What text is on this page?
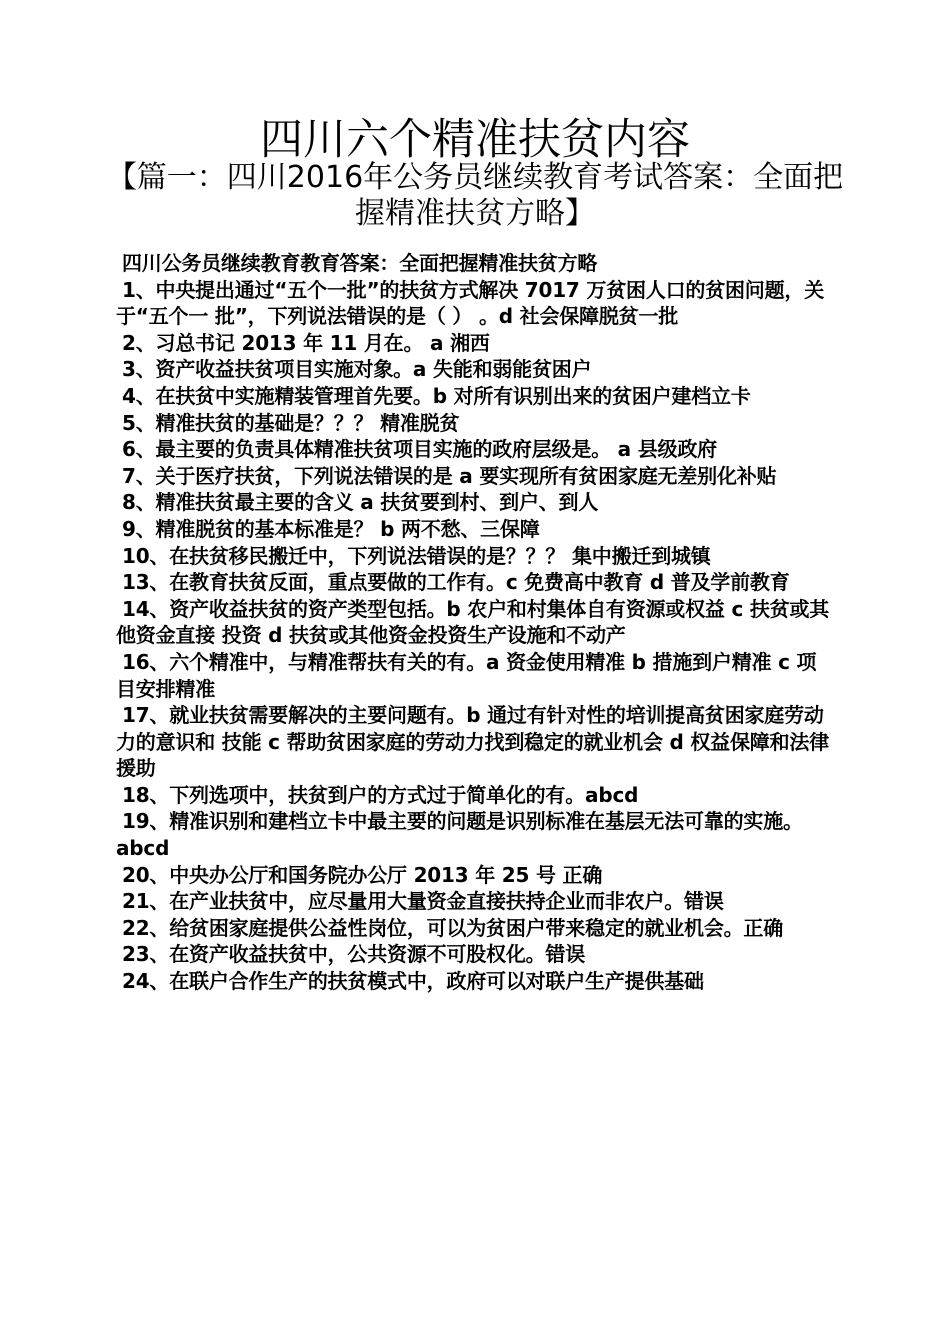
四川六个精准扶贫内容
【篇一：四川2016年公务员继续教育考试答案：全面把握精准扶贫方略】

四川公务员继续教育教育答案：全面把握精准扶贫方略

1、中央提出通过“五个一批”的扶贫方式解决 7017 万贫困人口的贫困问题，关于“五个一 批”，下列说法错误的是（ ） 。d 社会保障脱贫一批

2、习总书记 2013 年 11 月在。 a 湘西

3、资产收益扶贫项目实施对象。a 失能和弱能贫困户

4、在扶贫中实施精装管理首先要。b 对所有识别出来的贫困户建档立卡

5、精准扶贫的基础是？？？ 精准脱贫

6、最主要的负责具体精准扶贫项目实施的政府层级是。 a 县级政府

7、关于医疗扶贫，下列说法错误的是 a 要实现所有贫困家庭无差别化补贴

8、精准扶贫最主要的含义 a 扶贫要到村、到户、到人

9、精准脱贫的基本标准是？ b 两不愁、三保障

10、在扶贫移民搬迁中，下列说法错误的是？？？ 集中搬迁到城镇

13、在教育扶贫反面，重点要做的工作有。c 免费高中教育 d 普及学前教育

14、资产收益扶贫的资产类型包括。b 农户和村集体自有资源或权益 c 扶贫或其他资金直接 投资 d 扶贫或其他资金投资生产设施和不动产

16、六个精准中，与精准帮扶有关的有。a 资金使用精准 b 措施到户精准 c 项目安排精准

17、就业扶贫需要解决的主要问题有。b 通过有针对性的培训提高贫困家庭劳动力的意识和 技能 c 帮助贫困家庭的劳动力找到稳定的就业机会 d 权益保障和法律援助

18、下列选项中，扶贫到户的方式过于简单化的有。abcd

19、精准识别和建档立卡中最主要的问题是识别标准在基层无法可靠的实施。abcd

20、中央办公厅和国务院办公厅 2013 年 25 号 正确

21、在产业扶贫中，应尽量用大量资金直接扶持企业而非农户。错误

22、给贫困家庭提供公益性岗位，可以为贫困户带来稳定的就业机会。正确

23、在资产收益扶贫中，公共资源不可股权化。错误

24、在联户合作生产的扶贫模式中，政府可以对联户生产提供基础
